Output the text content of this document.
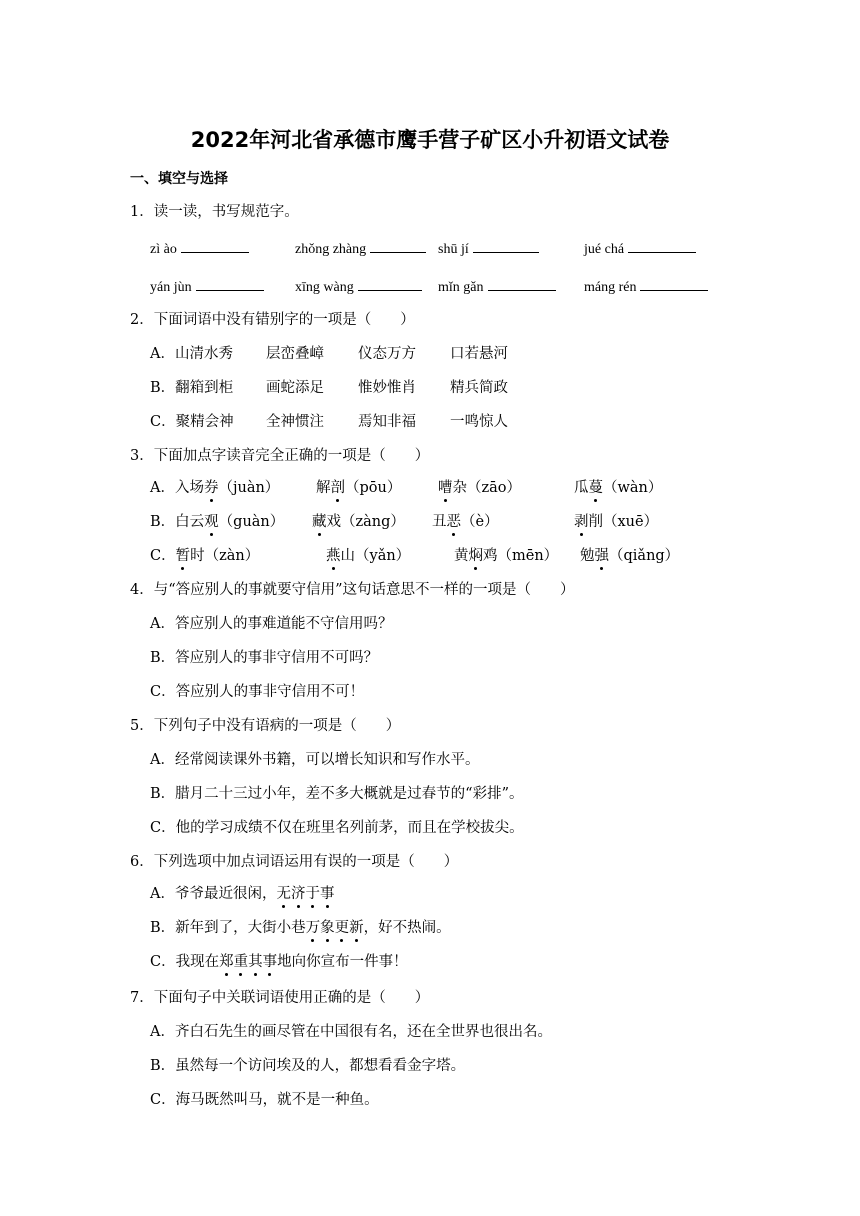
2022年河北省承德市鹰手营子矿区小升初语文试卷
一、填空与选择
1．读一读，书写规范字。
zì ào	zhǒng zhàng	shū jí	jué chá
yán jùn	xīng wàng	mǐn gǎn	máng rén
2．下面词语中没有错别字的一项是（　　）
A．山清水秀 层峦叠嶂 仪态万方 口若悬河
B．翻箱到柜 画蛇添足 惟妙惟肖 精兵简政
C．聚精会神 全神惯注 焉知非福 一鸣惊人
3．下面加点字读音完全正确的一项是（　　）
A．入场券（juàn）	解剖（pōu）	嘈杂（zāo）	瓜蔓（wàn）
B．白云观（guàn） 藏戏（zàng） 丑恶（è）	剥削（xuē）
C．暂时（zàn）	燕山（yǎn）	黄焖鸡（mēn） 勉强（qiǎng）
4．与“答应别人的事就要守信用”这句话意思不一样的一项是（　　）
A．答应别人的事难道能不守信用吗？
B．答应别人的事非守信用不可吗？
C．答应别人的事非守信用不可！
5．下列句子中没有语病的一项是（　　）
A．经常阅读课外书籍，可以增长知识和写作水平。
B．腊月二十三过小年，差不多大概就是过春节的“彩排”。
C．他的学习成绩不仅在班里名列前茅，而且在学校拔尖。
6．下列选项中加点词语运用有误的一项是（　　）
A．爷爷最近很闲，无济于事
B．新年到了，大街小巷万象更新，好不热闹。
C．我现在郑重其事地向你宣布一件事！
7．下面句子中关联词语使用正确的是（　　）
A．齐白石先生的画尽管在中国很有名，还在全世界也很出名。
B．虽然每一个访问埃及的人，都想看看金字塔。
C．海马既然叫马，就不是一种鱼。
